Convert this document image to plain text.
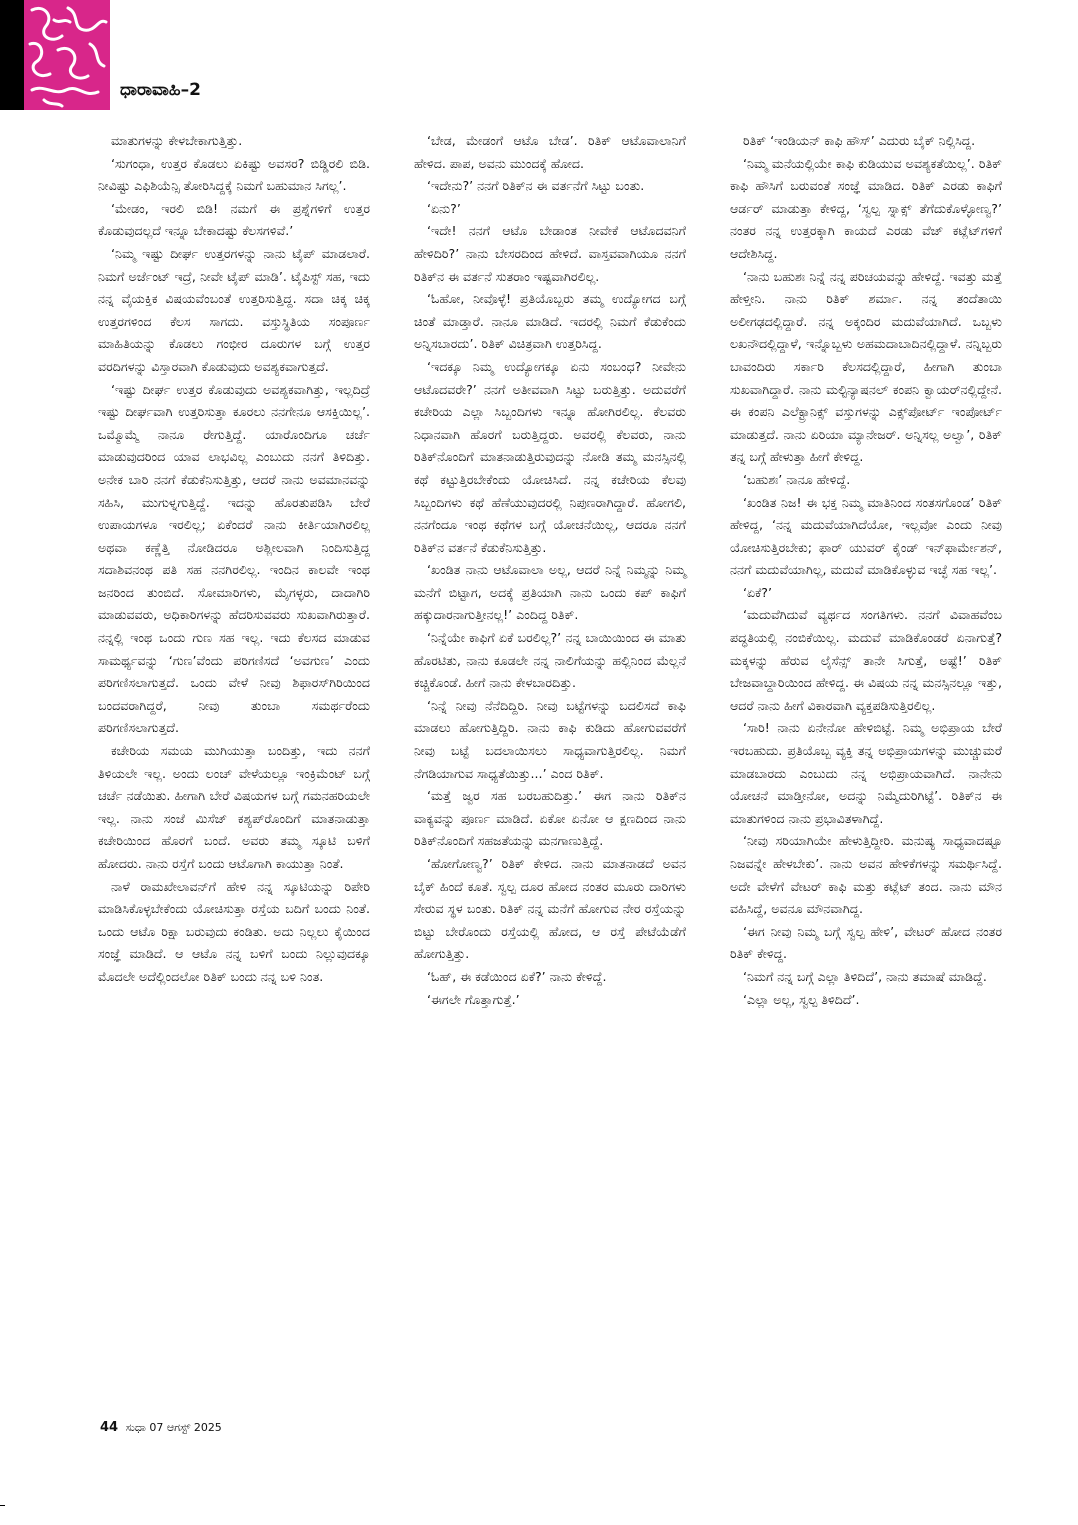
ಧಾರಾವಾಹಿ–2

ಮಾತುಗಳನ್ನು ಕೇಳಬೇಕಾಗುತ್ತಿತ್ತು.

‘ಸುಗಂಧಾ, ಉತ್ತರ ಕೊಡಲು ಏಕಿಷ್ಟು ಅವಸರ? ಬಿಡ್ಡಿರಲಿ ಬಿಡಿ. ನೀವಿಷ್ಟು ಎಫಿಶಿಯೆನ್ಸಿ ತೋರಿಸಿದ್ದಕ್ಕೆ ನಿಮಗೆ ಬಹುಮಾನ ಸಿಗಲ್ಲ’.

‘ಮೇಡಂ, ಇರಲಿ ಬಿಡಿ! ನಮಗೆ ಈ ಪ್ರಶ್ನೆಗಳಿಗೆ ಉತ್ತರ ಕೊಡುವುದಲ್ಲದೆ ಇನ್ನೂ ಬೇಕಾದಷ್ಟು ಕೆಲಸಗಳಿವೆ.’

‘ನಿಮ್ಮ ಇಷ್ಟು ದೀರ್ಘ ಉತ್ತರಗಳನ್ನು ನಾನು ಟೈಪ್ ಮಾಡಲಾರೆ. ನಿಮಗೆ ಅರ್ಜೆಂಟ್ ಇದ್ರೆ, ನೀವೇ ಟೈಪ್ ಮಾಡಿ’. ಟೈಪಿಸ್ಟ್ ಸಹ, ಇದು ನನ್ನ ವೈಯಕ್ತಿಕ ವಿಷಯವೆಂಬಂತೆ ಉತ್ತರಿಸುತ್ತಿದ್ದ. ಸದಾ ಚಿಕ್ಕ ಚಿಕ್ಕ ಉತ್ತರಗಳಿಂದ ಕೆಲಸ ಸಾಗದು. ವಸ್ತುಸ್ಥಿತಿಯ ಸಂಪೂರ್ಣ ಮಾಹಿತಿಯನ್ನು ಕೊಡಲು ಗಂಭೀರ ದೂರುಗಳ ಬಗ್ಗೆ ಉತ್ತರ ವರದಿಗಳನ್ನು ವಿಸ್ತಾರವಾಗಿ ಕೊಡುವುದು ಅವಶ್ಯಕವಾಗುತ್ತದೆ.

‘ಇಷ್ಟು ದೀರ್ಘ ಉತ್ತರ ಕೊಡುವುದು ಅವಶ್ಯಕವಾಗಿತ್ತು, ಇಲ್ಲದಿದ್ರೆ ಇಷ್ಟು ದೀರ್ಘವಾಗಿ ಉತ್ತರಿಸುತ್ತಾ ಕೂರಲು ನನಗೇನೂ ಆಸಕ್ತಿಯಿಲ್ಲ’. ಒಮ್ಮೊಮ್ಮೆ ನಾನೂ ರೇಗುತ್ತಿದ್ದೆ. ಯಾರೊಂದಿಗೂ ಚರ್ಚೆ ಮಾಡುವುದರಿಂದ ಯಾವ ಲಾಭವಿಲ್ಲ ಎಂಬುದು ನನಗೆ ತಿಳಿದಿತ್ತು. ಅನೇಕ ಬಾರಿ ನನಗೆ ಕೆಡುಕೆನಿಸುತ್ತಿತ್ತು, ಆದರೆ ನಾನು ಅವಮಾನವನ್ನು ಸಹಿಸಿ, ಮುಗುಳ್ನಗುತ್ತಿದ್ದೆ. ಇದನ್ನು ಹೊರತುಪಡಿಸಿ ಬೇರೆ ಉಪಾಯಗಳೂ ಇರಲಿಲ್ಲ; ಏಕೆಂದರೆ ನಾನು ಕೀರ್ತಿಯಾಗಿರಲಿಲ್ಲ ಅಥವಾ ಕಣ್ಣೆತ್ತಿ ನೋಡಿದರೂ ಅಶ್ಲೀಲವಾಗಿ ನಿಂದಿಸುತ್ತಿದ್ದ ಸದಾಶಿವನಂಥ ಪತಿ ಸಹ ನನಗಿರಲಿಲ್ಲ. ಇಂದಿನ ಕಾಲವೇ ಇಂಥ ಜನರಿಂದ ತುಂಬಿದೆ. ಸೋಮಾರಿಗಳು, ಮೈಗಳ್ಳರು, ದಾದಾಗಿರಿ ಮಾಡುವವರು, ಅಧಿಕಾರಿಗಳನ್ನು ಹೆದರಿಸುವವರು ಸುಖವಾಗಿರುತ್ತಾರೆ. ನನ್ನಲ್ಲಿ ಇಂಥ ಒಂದು ಗುಣ ಸಹ ಇಲ್ಲ. ಇದು ಕೆಲಸದ ಮಾಡುವ ಸಾಮರ್ಥ್ಯವನ್ನು ‘ಗುಣ’ವೆಂದು ಪರಿಗಣಿಸದೆ ‘ಅವಗುಣ’ ಎಂದು ಪರಿಗಣಿಸಲಾಗುತ್ತದೆ. ಒಂದು ವೇಳೆ ನೀವು ಶಿಫಾರಸ್‌ಗಿರಿಯಿಂದ ಬಂದವರಾಗಿದ್ದರೆ, ನೀವು ತುಂಬಾ ಸಮರ್ಥರೆಂದು ಪರಿಗಣಿಸಲಾಗುತ್ತದೆ.

ಕಚೇರಿಯ ಸಮಯ ಮುಗಿಯುತ್ತಾ ಬಂದಿತ್ತು, ಇದು ನನಗೆ ತಿಳಿಯಲೇ ಇಲ್ಲ. ಅಂದು ಲಂಚ್ ವೇಳೆಯಲ್ಲೂ ಇಂಕ್ರಿಮೆಂಟ್ ಬಗ್ಗೆ ಚರ್ಚೆ ನಡೆಯಿತು. ಹೀಗಾಗಿ ಬೇರೆ ವಿಷಯಗಳ ಬಗ್ಗೆ ಗಮನಹರಿಯಲೇ ಇಲ್ಲ. ನಾನು ಸಂಜೆ ಮಿಸೆಜ್ ಕಶ್ಯಪ್‌ರೊಂದಿಗೆ ಮಾತನಾಡುತ್ತಾ ಕಚೇರಿಯಿಂದ ಹೊರಗೆ ಬಂದೆ. ಅವರು ತಮ್ಮ ಸ್ಕೂಟಿ ಬಳಿಗೆ ಹೋದರು. ನಾನು ರಸ್ತೆಗೆ ಬಂದು ಆಟೊಗಾಗಿ ಕಾಯುತ್ತಾ ನಿಂತೆ.

ನಾಳೆ ರಾಮಖೇಲಾವನ್‌ಗೆ ಹೇಳಿ ನನ್ನ ಸ್ಕೂಟಿಯನ್ನು ರಿಪೇರಿ ಮಾಡಿಸಿಕೊಳ್ಳಬೇಕೆಂದು ಯೋಚಿಸುತ್ತಾ ರಸ್ತೆಯ ಬದಿಗೆ ಬಂದು ನಿಂತೆ. ಒಂದು ಆಟೊ ರಿಕ್ಷಾ ಬರುವುದು ಕಂಡಿತು. ಅದು ನಿಲ್ಲಲು ಕೈಯಿಂದ ಸಂಜ್ಞೆ ಮಾಡಿದೆ. ಆ ಆಟೊ ನನ್ನ ಬಳಿಗೆ ಬಂದು ನಿಲ್ಲುವುದಕ್ಕೂ ಮೊದಲೇ ಅದೆಲ್ಲಿಂದಲೋ ರಿತಿಕ್ ಬಂದು ನನ್ನ ಬಳಿ ನಿಂತ.

‘ಬೇಡ, ಮೇಡಂಗೆ ಆಟೊ ಬೇಡ’. ರಿತಿಕ್ ಆಟೊವಾಲಾನಿಗೆ ಹೇಳಿದ. ಪಾಪ, ಅವನು ಮುಂದಕ್ಕೆ ಹೋದ.

‘ಇದೇನು?’ ನನಗೆ ರಿತಿಕ್‌ನ ಈ ವರ್ತನೆಗೆ ಸಿಟ್ಟು ಬಂತು.

‘ಏನು?’

‘ಇದೇ! ನನಗೆ ಆಟೊ ಬೇಡಾಂತ ನೀವೇಕೆ ಆಟೊದವನಿಗೆ ಹೇಳಿದಿರಿ?’ ನಾನು ಬೇಸರದಿಂದ ಹೇಳಿದೆ. ವಾಸ್ತವವಾಗಿಯೂ ನನಗೆ ರಿತಿಕ್‌ನ ಈ ವರ್ತನೆ ಸುತರಾಂ ಇಷ್ಟವಾಗಿರಲಿಲ್ಲ.

‘ಓಹೋ, ನೀವೊಳ್ಳೆ! ಪ್ರತಿಯೊಬ್ಬರು ತಮ್ಮ ಉದ್ಯೋಗದ ಬಗ್ಗೆ ಚಿಂತೆ ಮಾಡ್ತಾರೆ. ನಾನೂ ಮಾಡಿದೆ. ಇದರಲ್ಲಿ ನಿಮಗೆ ಕೆಡುಕೆಂದು ಅನ್ನಿಸಬಾರದು’. ರಿತಿಕ್ ವಿಚಿತ್ರವಾಗಿ ಉತ್ತರಿಸಿದ್ದ.

‘ಇದಕ್ಕೂ ನಿಮ್ಮ ಉದ್ಯೋಗಕ್ಕೂ ಏನು ಸಂಬಂಧ? ನೀವೇನು ಆಟೊದವರೇ?’ ನನಗೆ ಅತೀವವಾಗಿ ಸಿಟ್ಟು ಬರುತ್ತಿತ್ತು. ಅದುವರೆಗೆ ಕಚೇರಿಯ ಎಲ್ಲಾ ಸಿಬ್ಬಂದಿಗಳು ಇನ್ನೂ ಹೋಗಿರಲಿಲ್ಲ. ಕೆಲವರು ನಿಧಾನವಾಗಿ ಹೊರಗೆ ಬರುತ್ತಿದ್ದರು. ಅವರಲ್ಲಿ ಕೆಲವರು, ನಾನು ರಿತಿಕ್‌ನೊಂದಿಗೆ ಮಾತನಾಡುತ್ತಿರುವುದನ್ನು ನೋಡಿ ತಮ್ಮ ಮನಸ್ಸಿನಲ್ಲಿ ಕಥೆ ಕಟ್ಟುತ್ತಿರಬೇಕೆಂದು ಯೋಚಿಸಿದೆ. ನನ್ನ ಕಚೇರಿಯ ಕೆಲವು ಸಿಬ್ಬಂದಿಗಳು ಕಥೆ ಹೆಣೆಯುವುದರಲ್ಲಿ ನಿಪುಣರಾಗಿದ್ದಾರೆ. ಹೋಗಲಿ, ನನಗೆಂದೂ ಇಂಥ ಕಥೆಗಳ ಬಗ್ಗೆ ಯೋಚನೆಯಿಲ್ಲ, ಆದರೂ ನನಗೆ ರಿತಿಕ್‌ನ ವರ್ತನೆ ಕೆಡುಕೆನಿಸುತ್ತಿತ್ತು.

‘ಖಂಡಿತ ನಾನು ಆಟೊವಾಲಾ ಅಲ್ಲ, ಆದರೆ ನಿನ್ನೆ ನಿಮ್ಮನ್ನು ನಿಮ್ಮ ಮನೆಗೆ ಬಿಟ್ಟಾಗ, ಅದಕ್ಕೆ ಪ್ರತಿಯಾಗಿ ನಾನು ಒಂದು ಕಪ್ ಕಾಫಿಗೆ ಹಕ್ಕುದಾರನಾಗುತ್ತೀನಲ್ಲ!’ ಎಂದಿದ್ದ ರಿತಿಕ್.

‘ನಿನ್ನೆಯೇ ಕಾಫಿಗೆ ಏಕೆ ಬರಲಿಲ್ಲ?’ ನನ್ನ ಬಾಯಿಯಿಂದ ಈ ಮಾತು ಹೊರಟಿತು, ನಾನು ಕೂಡಲೇ ನನ್ನ ನಾಲಿಗೆಯನ್ನು ಹಲ್ಲಿನಿಂದ ಮೆಲ್ಲನೆ ಕಚ್ಚಿಕೊಂಡೆ. ಹೀಗೆ ನಾನು ಕೇಳಬಾರದಿತ್ತು.

‘ನಿನ್ನೆ ನೀವು ನೆನೆದಿದ್ದಿರಿ. ನೀವು ಬಟ್ಟೆಗಳನ್ನು ಬದಲಿಸದೆ ಕಾಫಿ ಮಾಡಲು ಹೋಗುತ್ತಿದ್ದಿರಿ. ನಾನು ಕಾಫಿ ಕುಡಿದು ಹೋಗುವವರೆಗೆ ನೀವು ಬಟ್ಟೆ ಬದಲಾಯಿಸಲು ಸಾಧ್ಯವಾಗುತ್ತಿರಲಿಲ್ಲ. ನಿಮಗೆ ನೆಗಡಿಯಾಗುವ ಸಾಧ್ಯತೆಯಿತ್ತು...’ ಎಂದ ರಿತಿಕ್.

‘ಮತ್ತೆ ಜ್ವರ ಸಹ ಬರಬಹುದಿತ್ತು.’ ಈಗ ನಾನು ರಿತಿಕ್‌ನ ವಾಕ್ಯವನ್ನು ಪೂರ್ಣ ಮಾಡಿದೆ. ಏಕೋ ಏನೋ ಆ ಕ್ಷಣದಿಂದ ನಾನು ರಿತಿಕ್‌ನೊಂದಿಗೆ ಸಹಜತೆಯನ್ನು ಮನಗಾಣುತ್ತಿದ್ದೆ.

‘ಹೋಗೋಣ್ವ?’ ರಿತಿಕ್ ಕೇಳಿದ. ನಾನು ಮಾತನಾಡದೆ ಅವನ ಬೈಕ್ ಹಿಂದೆ ಕೂತೆ. ಸ್ವಲ್ಪ ದೂರ ಹೋದ ನಂತರ ಮೂರು ದಾರಿಗಳು ಸೇರುವ ಸ್ಥಳ ಬಂತು. ರಿತಿಕ್ ನನ್ನ ಮನೆಗೆ ಹೋಗುವ ನೇರ ರಸ್ತೆಯನ್ನು ಬಿಟ್ಟು ಬೇರೊಂದು ರಸ್ತೆಯಲ್ಲಿ ಹೋದ, ಆ ರಸ್ತೆ ಪೇಟೆಯೆಡೆಗೆ ಹೋಗುತ್ತಿತ್ತು.

‘ಓಹ್, ಈ ಕಡೆಯಿಂದ ಏಕೆ?’ ನಾನು ಕೇಳಿದ್ದೆ.

‘ಈಗಲೇ ಗೊತ್ತಾಗುತ್ತೆ.’

ರಿತಿಕ್ ‘ಇಂಡಿಯನ್ ಕಾಫಿ ಹೌಸ್’ ಎದುರು ಬೈಕ್ ನಿಲ್ಲಿಸಿದ್ದ.

‘ನಿಮ್ಮ ಮನೆಯಲ್ಲಿಯೇ ಕಾಫಿ ಕುಡಿಯುವ ಅವಶ್ಯಕತೆಯಿಲ್ಲ’. ರಿತಿಕ್ ಕಾಫಿ ಹೌಸಿಗೆ ಬರುವಂತೆ ಸಂಜ್ಞೆ ಮಾಡಿದ. ರಿತಿಕ್ ಎರಡು ಕಾಫಿಗೆ ಆರ್ಡರ್ ಮಾಡುತ್ತಾ ಕೇಳಿದ್ದ, ‘ಸ್ವಲ್ಪ ಸ್ನಾಕ್ಸ್ ತೆಗೆದುಕೊಳ್ಳೋಣ್ವ?’ ನಂತರ ನನ್ನ ಉತ್ತರಕ್ಕಾಗಿ ಕಾಯದೆ ಎರಡು ವೆಜ್ ಕಟ್ಲೆಟ್‌ಗಳಿಗೆ ಆದೇಶಿಸಿದ್ದ.

‘ನಾನು ಬಹುಶಃ ನಿನ್ನೆ ನನ್ನ ಪರಿಚಯವನ್ನು ಹೇಳಿದ್ದೆ. ಇವತ್ತು ಮತ್ತೆ ಹೇಳ್ತೀನಿ. ನಾನು ರಿತಿಕ್ ಶರ್ಮಾ. ನನ್ನ ತಂದೆತಾಯಿ ಅಲೀಗಢದಲ್ಲಿದ್ದಾರೆ. ನನ್ನ ಅಕ್ಕಂದಿರ ಮದುವೆಯಾಗಿದೆ. ಒಬ್ಬಳು ಲಖನೌದಲ್ಲಿದ್ದಾಳೆ, ಇನ್ನೊಬ್ಬಳು ಅಹಮದಾಬಾದಿನಲ್ಲಿದ್ದಾಳೆ. ನನ್ನಿಬ್ಬರು ಬಾವಂದಿರು ಸರ್ಕಾರಿ ಕೆಲಸದಲ್ಲಿದ್ದಾರೆ, ಹೀಗಾಗಿ ತುಂಬಾ ಸುಖವಾಗಿದ್ದಾರೆ. ನಾನು ಮಲ್ಟಿನ್ಯಾಷನಲ್ ಕಂಪನಿ ಕ್ವಾಯರ್‌ನಲ್ಲಿದ್ದೇನೆ. ಈ ಕಂಪನಿ ಎಲೆಕ್ಟ್ರಾನಿಕ್ಸ್ ವಸ್ತುಗಳನ್ನು ಎಕ್ಸ್‌ಪೋರ್ಟ್ ಇಂಪೋರ್ಟ್ ಮಾಡುತ್ತದೆ. ನಾನು ಏರಿಯಾ ಮ್ಯಾನೇಜರ್. ಅನ್ನಿಸಲ್ಲ ಅಲ್ವಾ’, ರಿತಿಕ್ ತನ್ನ ಬಗ್ಗೆ ಹೇಳುತ್ತಾ ಹೀಗೆ ಕೇಳಿದ್ದ.

‘ಬಹುಶಃ’ ನಾನೂ ಹೇಳಿದ್ದೆ.

‘ಖಂಡಿತ ನಿಜ! ಈ ಭಕ್ತ ನಿಮ್ಮ ಮಾತಿನಿಂದ ಸಂತಸಗೊಂಡ’ ರಿತಿಕ್ ಹೇಳಿದ್ದ, ‘ನನ್ನ ಮದುವೆಯಾಗಿದೆಯೋ, ಇಲ್ಲವೋ ಎಂದು ನೀವು ಯೋಚಿಸುತ್ತಿರಬೇಕು; ಫಾರ್ ಯುವರ್ ಕೈಂಡ್ ಇನ್‌ಫಾರ್ಮೇಶನ್, ನನಗೆ ಮದುವೆಯಾಗಿಲ್ಲ, ಮದುವೆ ಮಾಡಿಕೊಳ್ಳುವ ಇಚ್ಛೆ ಸಹ ಇಲ್ಲ’.

‘ಏಕೆ?’

‘ಮದುವೆಗಿದುವೆ ವ್ಯರ್ಥದ ಸಂಗತಿಗಳು. ನನಗೆ ವಿವಾಹವೆಂಬ ಪದ್ಧತಿಯಲ್ಲಿ ನಂಬಿಕೆಯಿಲ್ಲ. ಮದುವೆ ಮಾಡಿಕೊಂಡರೆ ಏನಾಗುತ್ತೆ? ಮಕ್ಕಳನ್ನು ಹೆರುವ ಲೈಸೆನ್ಸ್ ತಾನೇ ಸಿಗುತ್ತೆ, ಅಷ್ಟೆ!’ ರಿತಿಕ್ ಬೇಜವಾಬ್ದಾರಿಯಿಂದ ಹೇಳಿದ್ದ. ಈ ವಿಷಯ ನನ್ನ ಮನಸ್ಸಿನಲ್ಲೂ ಇತ್ತು, ಆದರೆ ನಾನು ಹೀಗೆ ವಿಕಾರವಾಗಿ ವ್ಯಕ್ತಪಡಿಸುತ್ತಿರಲಿಲ್ಲ.

‘ಸಾರಿ! ನಾನು ಏನೇನೋ ಹೇಳಿಬಿಟ್ಟೆ. ನಿಮ್ಮ ಅಭಿಪ್ರಾಯ ಬೇರೆ ಇರಬಹುದು. ಪ್ರತಿಯೊಬ್ಬ ವ್ಯಕ್ತಿ ತನ್ನ ಅಭಿಪ್ರಾಯಗಳನ್ನು ಮುಚ್ಚುಮರೆ ಮಾಡಬಾರದು ಎಂಬುದು ನನ್ನ ಅಭಿಪ್ರಾಯವಾಗಿದೆ. ನಾನೇನು ಯೋಚನೆ ಮಾಡ್ತೀನೋ, ಅದನ್ನು ನಿಮ್ಮೆದುರಿಗಿಟ್ಟೆ’. ರಿತಿಕ್‌ನ ಈ ಮಾತುಗಳಿಂದ ನಾನು ಪ್ರಭಾವಿತಳಾಗಿದ್ದೆ.

‘ನೀವು ಸರಿಯಾಗಿಯೇ ಹೇಳುತ್ತಿದ್ದೀರಿ. ಮನುಷ್ಯ ಸಾಧ್ಯವಾದಷ್ಟೂ ನಿಜವನ್ನೇ ಹೇಳಬೇಕು’. ನಾನು ಅವನ ಹೇಳಿಕೆಗಳನ್ನು ಸಮರ್ಥಿಸಿದ್ದೆ. ಅದೇ ವೇಳೆಗೆ ವೇಟರ್ ಕಾಫಿ ಮತ್ತು ಕಟ್ಲೆಟ್ ತಂದ. ನಾನು ಮೌನ ವಹಿಸಿದ್ದೆ, ಅವನೂ ಮೌನವಾಗಿದ್ದ.

‘ಈಗ ನೀವು ನಿಮ್ಮ ಬಗ್ಗೆ ಸ್ವಲ್ಪ ಹೇಳಿ’, ವೇಟರ್ ಹೋದ ನಂತರ ರಿತಿಕ್ ಕೇಳಿದ್ದ.

‘ನಿಮಗೆ ನನ್ನ ಬಗ್ಗೆ ಎಲ್ಲಾ ತಿಳಿದಿದೆ’, ನಾನು ತಮಾಷೆ ಮಾಡಿದ್ದೆ.

‘ಎಲ್ಲಾ ಅಲ್ಲ, ಸ್ವಲ್ಪ ತಿಳಿದಿದೆ’.

44 ಸುಧಾ 07 ಆಗಸ್ಟ್ 2025
